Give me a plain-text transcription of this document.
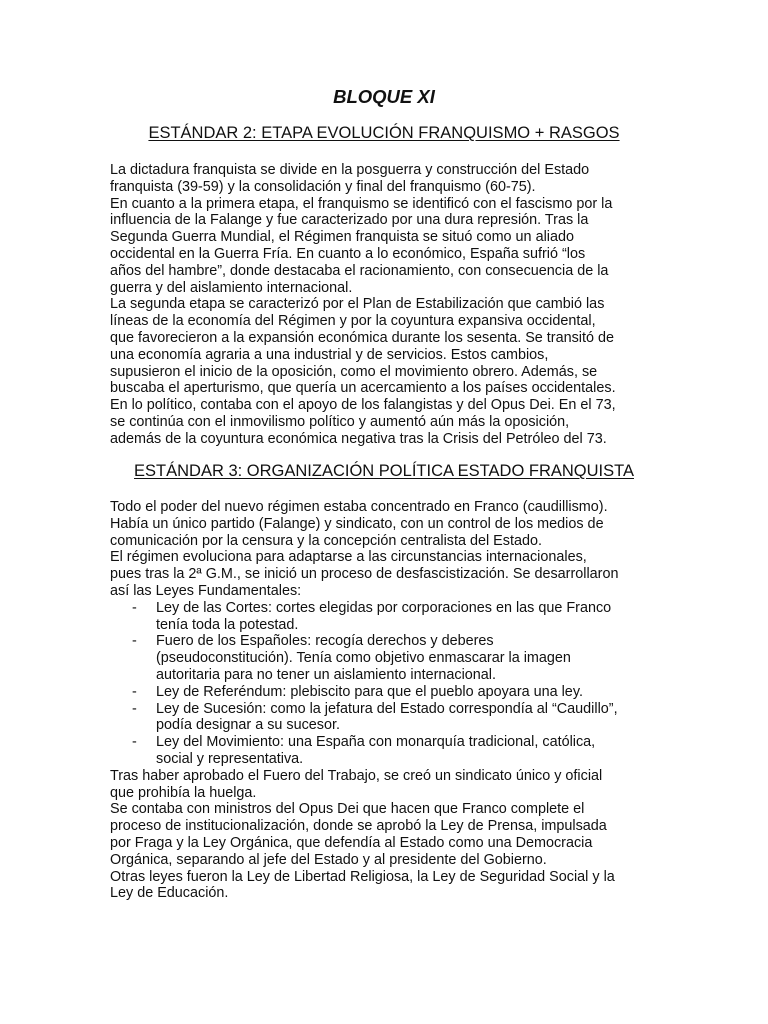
BLOQUE XI
ESTÁNDAR 2: ETAPA EVOLUCIÓN FRANQUISMO + RASGOS
La dictadura franquista se divide en la posguerra y construcción del Estado
franquista (39-59) y la consolidación y final del franquismo (60-75).
En cuanto a la primera etapa, el franquismo se identificó con el fascismo por la
influencia de la Falange y fue caracterizado por una dura represión. Tras la
Segunda Guerra Mundial, el Régimen franquista se situó como un aliado
occidental en la Guerra Fría. En cuanto a lo económico, España sufrió “los
años del hambre”, donde destacaba el racionamiento, con consecuencia de la
guerra y del aislamiento internacional.
La segunda etapa se caracterizó por el Plan de Estabilización que cambió las
líneas de la economía del Régimen y por la coyuntura expansiva occidental,
que favorecieron a la expansión económica durante los sesenta. Se transitó de
una economía agraria a una industrial y de servicios. Estos cambios,
supusieron el inicio de la oposición, como el movimiento obrero. Además, se
buscaba el aperturismo, que quería un acercamiento a los países occidentales.
En lo político, contaba con el apoyo de los falangistas y del Opus Dei. En el 73,
se continúa con el inmovilismo político y aumentó aún más la oposición,
además de la coyuntura económica negativa tras la Crisis del Petróleo del 73.
ESTÁNDAR 3: ORGANIZACIÓN POLÍTICA ESTADO FRANQUISTA
Todo el poder del nuevo régimen estaba concentrado en Franco (caudillismo).
Había un único partido (Falange) y sindicato, con un control de los medios de
comunicación por la censura y la concepción centralista del Estado.
El régimen evoluciona para adaptarse a las circunstancias internacionales,
pues tras la 2ª G.M., se inició un proceso de desfascistización. Se desarrollaron
así las Leyes Fundamentales:
- Ley de las Cortes: cortes elegidas por corporaciones en las que Franco
tenía toda la potestad.
- Fuero de los Españoles: recogía derechos y deberes
(pseudoconstitución). Tenía como objetivo enmascarar la imagen
autoritaria para no tener un aislamiento internacional.
- Ley de Referéndum: plebiscito para que el pueblo apoyara una ley.
- Ley de Sucesión: como la jefatura del Estado correspondía al “Caudillo”,
podía designar a su sucesor.
- Ley del Movimiento: una España con monarquía tradicional, católica,
social y representativa.
Tras haber aprobado el Fuero del Trabajo, se creó un sindicato único y oficial
que prohibía la huelga.
Se contaba con ministros del Opus Dei que hacen que Franco complete el
proceso de institucionalización, donde se aprobó la Ley de Prensa, impulsada
por Fraga y la Ley Orgánica, que defendía al Estado como una Democracia
Orgánica, separando al jefe del Estado y al presidente del Gobierno.
Otras leyes fueron la Ley de Libertad Religiosa, la Ley de Seguridad Social y la
Ley de Educación.
